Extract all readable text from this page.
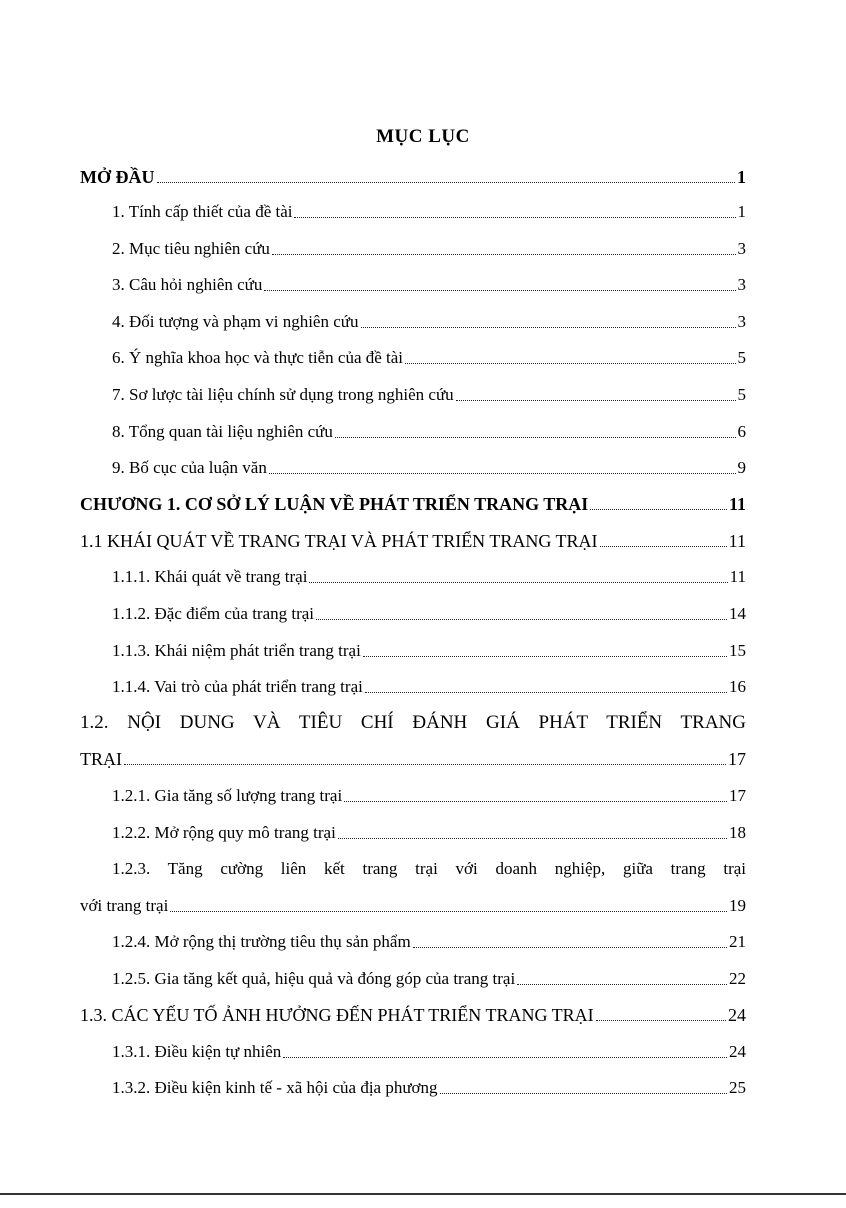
MỤC LỤC
MỞ ĐẦU	1
1. Tính cấp thiết của đề tài	1
2. Mục tiêu nghiên cứu	3
3. Câu hỏi nghiên cứu	3
4. Đối tượng và phạm vi nghiên cứu	3
6. Ý nghĩa khoa học và thực tiễn của đề tài	5
7. Sơ lược tài liệu chính sử dụng trong nghiên cứu	5
8. Tổng quan tài liệu nghiên cứu	6
9. Bố cục của luận văn	9
CHƯƠNG 1. CƠ SỞ LÝ LUẬN VỀ PHÁT TRIỂN TRANG TRẠI	11
1.1 KHÁI QUÁT VỀ TRANG TRẠI VÀ PHÁT TRIỂN TRANG TRẠI	11
1.1.1. Khái quát về trang trại	11
1.1.2. Đặc điểm của trang trại	14
1.1.3. Khái niệm phát triển trang trại	15
1.1.4. Vai trò của phát triển trang trại	16
1.2. NỘI DUNG VÀ TIÊU CHÍ ĐÁNH GIÁ PHÁT TRIỂN TRANG
TRẠI	17
1.2.1. Gia tăng số lượng trang trại	17
1.2.2. Mở rộng quy mô trang trại	18
1.2.3. Tăng cường liên kết trang trại với doanh nghiệp, giữa trang trại
với trang trại	19
1.2.4. Mở rộng thị trường tiêu thụ sản phẩm	21
1.2.5. Gia tăng kết quả, hiệu quả và đóng góp của trang trại	22
1.3. CÁC YẾU TỐ ẢNH HƯỞNG ĐẾN PHÁT TRIỂN TRANG TRẠI	24
1.3.1. Điều kiện tự nhiên	24
1.3.2. Điều kiện kinh tế - xã hội của địa phương	25
